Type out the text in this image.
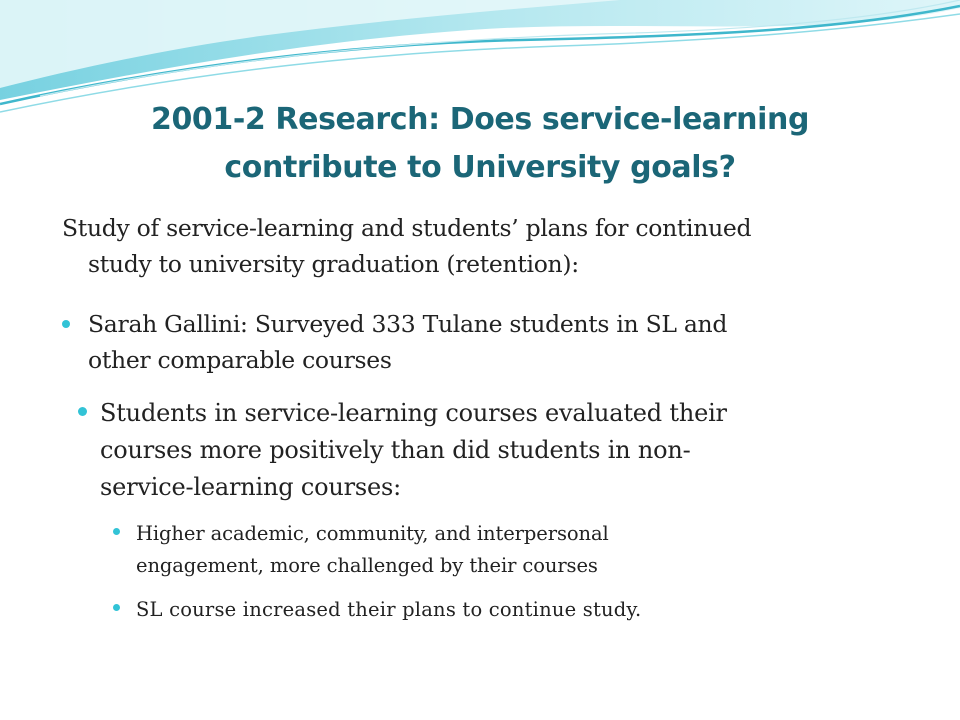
2001-2 Research: Does service-learning
contribute to University goals?
Study of service-learning and students’ plans for continued
study to university graduation (retention):
Sarah Gallini: Surveyed 333 Tulane students in SL and
other comparable courses
Students in service-learning courses evaluated their
courses more positively than did students in non-
service-learning courses:
Higher academic, community, and interpersonal
engagement, more challenged by their courses
SL course increased their plans to continue study.
